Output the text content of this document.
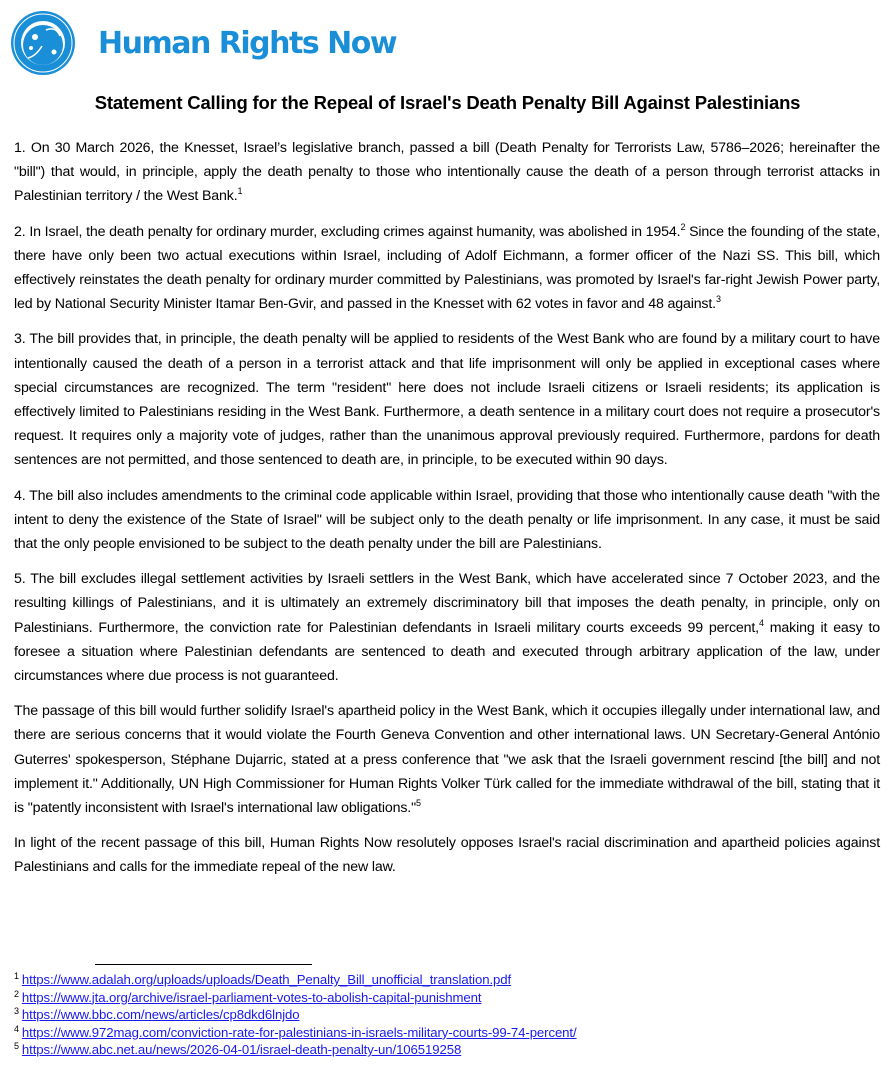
Human Rights Now
Statement Calling for the Repeal of Israel's Death Penalty Bill Against Palestinians

1. On 30 March 2026, the Knesset, Israel’s legislative branch, passed a bill (Death Penalty for Terrorists Law, 5786–2026; hereinafter the "bill") that would, in principle, apply the death penalty to those who intentionally cause the death of a person through terrorist attacks in Palestinian territory / the West Bank.$^1$

2. In Israel, the death penalty for ordinary murder, excluding crimes against humanity, was abolished in 1954.$^2$ Since the founding of the state, there have only been two actual executions within Israel, including of Adolf Eichmann, a former officer of the Nazi SS. This bill, which effectively reinstates the death penalty for ordinary murder committed by Palestinians, was promoted by Israel's far-right Jewish Power party, led by National Security Minister Itamar Ben-Gvir, and passed in the Knesset with 62 votes in favor and 48 against.$^3$

3. The bill provides that, in principle, the death penalty will be applied to residents of the West Bank who are found by a military court to have intentionally caused the death of a person in a terrorist attack and that life imprisonment will only be applied in exceptional cases where special circumstances are recognized. The term "resident" here does not include Israeli citizens or Israeli residents; its application is effectively limited to Palestinians residing in the West Bank. Furthermore, a death sentence in a military court does not require a prosecutor's request. It requires only a majority vote of judges, rather than the unanimous approval previously required. Furthermore, pardons for death sentences are not permitted, and those sentenced to death are, in principle, to be executed within 90 days.

4. The bill also includes amendments to the criminal code applicable within Israel, providing that those who intentionally cause death "with the intent to deny the existence of the State of Israel" will be subject only to the death penalty or life imprisonment. In any case, it must be said that the only people envisioned to be subject to the death penalty under the bill are Palestinians.

5. The bill excludes illegal settlement activities by Israeli settlers in the West Bank, which have accelerated since 7 October 2023, and the resulting killings of Palestinians, and it is ultimately an extremely discriminatory bill that imposes the death penalty, in principle, only on Palestinians. Furthermore, the conviction rate for Palestinian defendants in Israeli military courts exceeds 99 percent,$^4$ making it easy to foresee a situation where Palestinian defendants are sentenced to death and executed through arbitrary application of the law, under circumstances where due process is not guaranteed.

The passage of this bill would further solidify Israel's apartheid policy in the West Bank, which it occupies illegally under international law, and there are serious concerns that it would violate the Fourth Geneva Convention and other international laws. UN Secretary-General António Guterres' spokesperson, Stéphane Dujarric, stated at a press conference that "we ask that the Israeli government rescind [the bill] and not implement it." Additionally, UN High Commissioner for Human Rights Volker Türk called for the immediate withdrawal of the bill, stating that it is "patently inconsistent with Israel's international law obligations."$^5$

In light of the recent passage of this bill, Human Rights Now resolutely opposes Israel's racial discrimination and apartheid policies against Palestinians and calls for the immediate repeal of the new law.

$^1$ https://www.adalah.org/uploads/uploads/Death_Penalty_Bill_unofficial_translation.pdf
$^2$ https://www.jta.org/archive/israel-parliament-votes-to-abolish-capital-punishment
$^3$ https://www.bbc.com/news/articles/cp8dkd6lnjdo
$^4$ https://www.972mag.com/conviction-rate-for-palestinians-in-israels-military-courts-99-74-percent/
$^5$ https://www.abc.net.au/news/2026-04-01/israel-death-penalty-un/106519258
